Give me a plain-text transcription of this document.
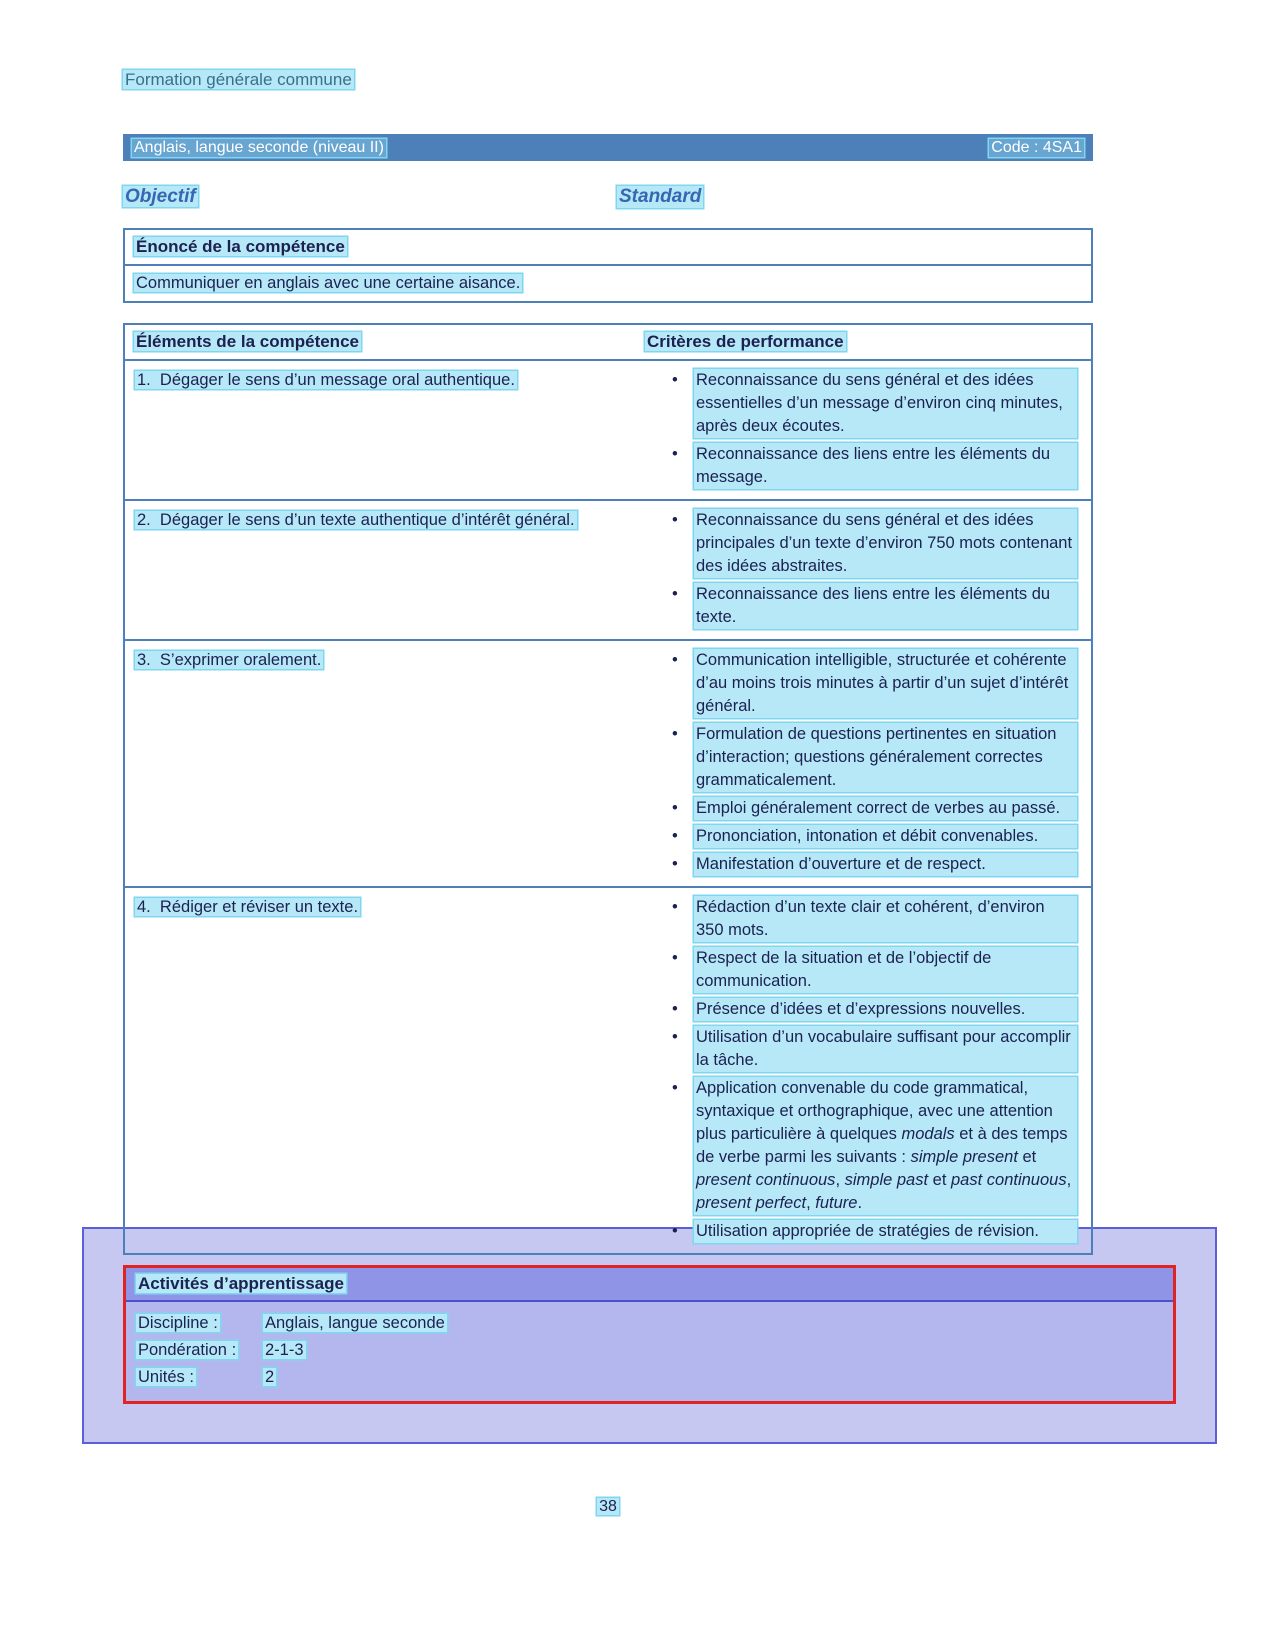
Formation générale commune
Anglais, langue seconde (niveau II)	Code : 4SA1
Objectif	Standard
Énoncé de la compétence
Communiquer en anglais avec une certaine aisance.
Éléments de la compétence	Critères de performance
1.  Dégager le sens d’un message oral authentique.	•	Reconnaissance du sens général et des idées essentielles d’un message d’environ cinq minutes, après deux écoutes.
•	Reconnaissance des liens entre les éléments du message.
2.  Dégager le sens d’un texte authentique d’intérêt général.	•	Reconnaissance du sens général et des idées principales d’un texte d’environ 750 mots contenant des idées abstraites.
•	Reconnaissance des liens entre les éléments du texte.
3.  S’exprimer oralement.	•	Communication intelligible, structurée et cohérente d’au moins trois minutes à partir d’un sujet d’intérêt général.
•	Formulation de questions pertinentes en situation d’interaction; questions généralement correctes grammaticalement.
•	Emploi généralement correct de verbes au passé.
•	Prononciation, intonation et débit convenables.
•	Manifestation d’ouverture et de respect.
4.  Rédiger et réviser un texte.	•	Rédaction d’un texte clair et cohérent, d’environ 350 mots.
•	Respect de la situation et de l’objectif de communication.
•	Présence d’idées et d’expressions nouvelles.
•	Utilisation d’un vocabulaire suffisant pour accomplir la tâche.
•	Application convenable du code grammatical, syntaxique et orthographique, avec une attention plus particulière à quelques modals et à des temps de verbe parmi les suivants : simple present et present continuous, simple past et past continuous, present perfect, future.
•	Utilisation appropriée de stratégies de révision.
Activités d’apprentissage
Discipline :	Anglais, langue seconde
Pondération : 2-1-3
Unités :	2
38
